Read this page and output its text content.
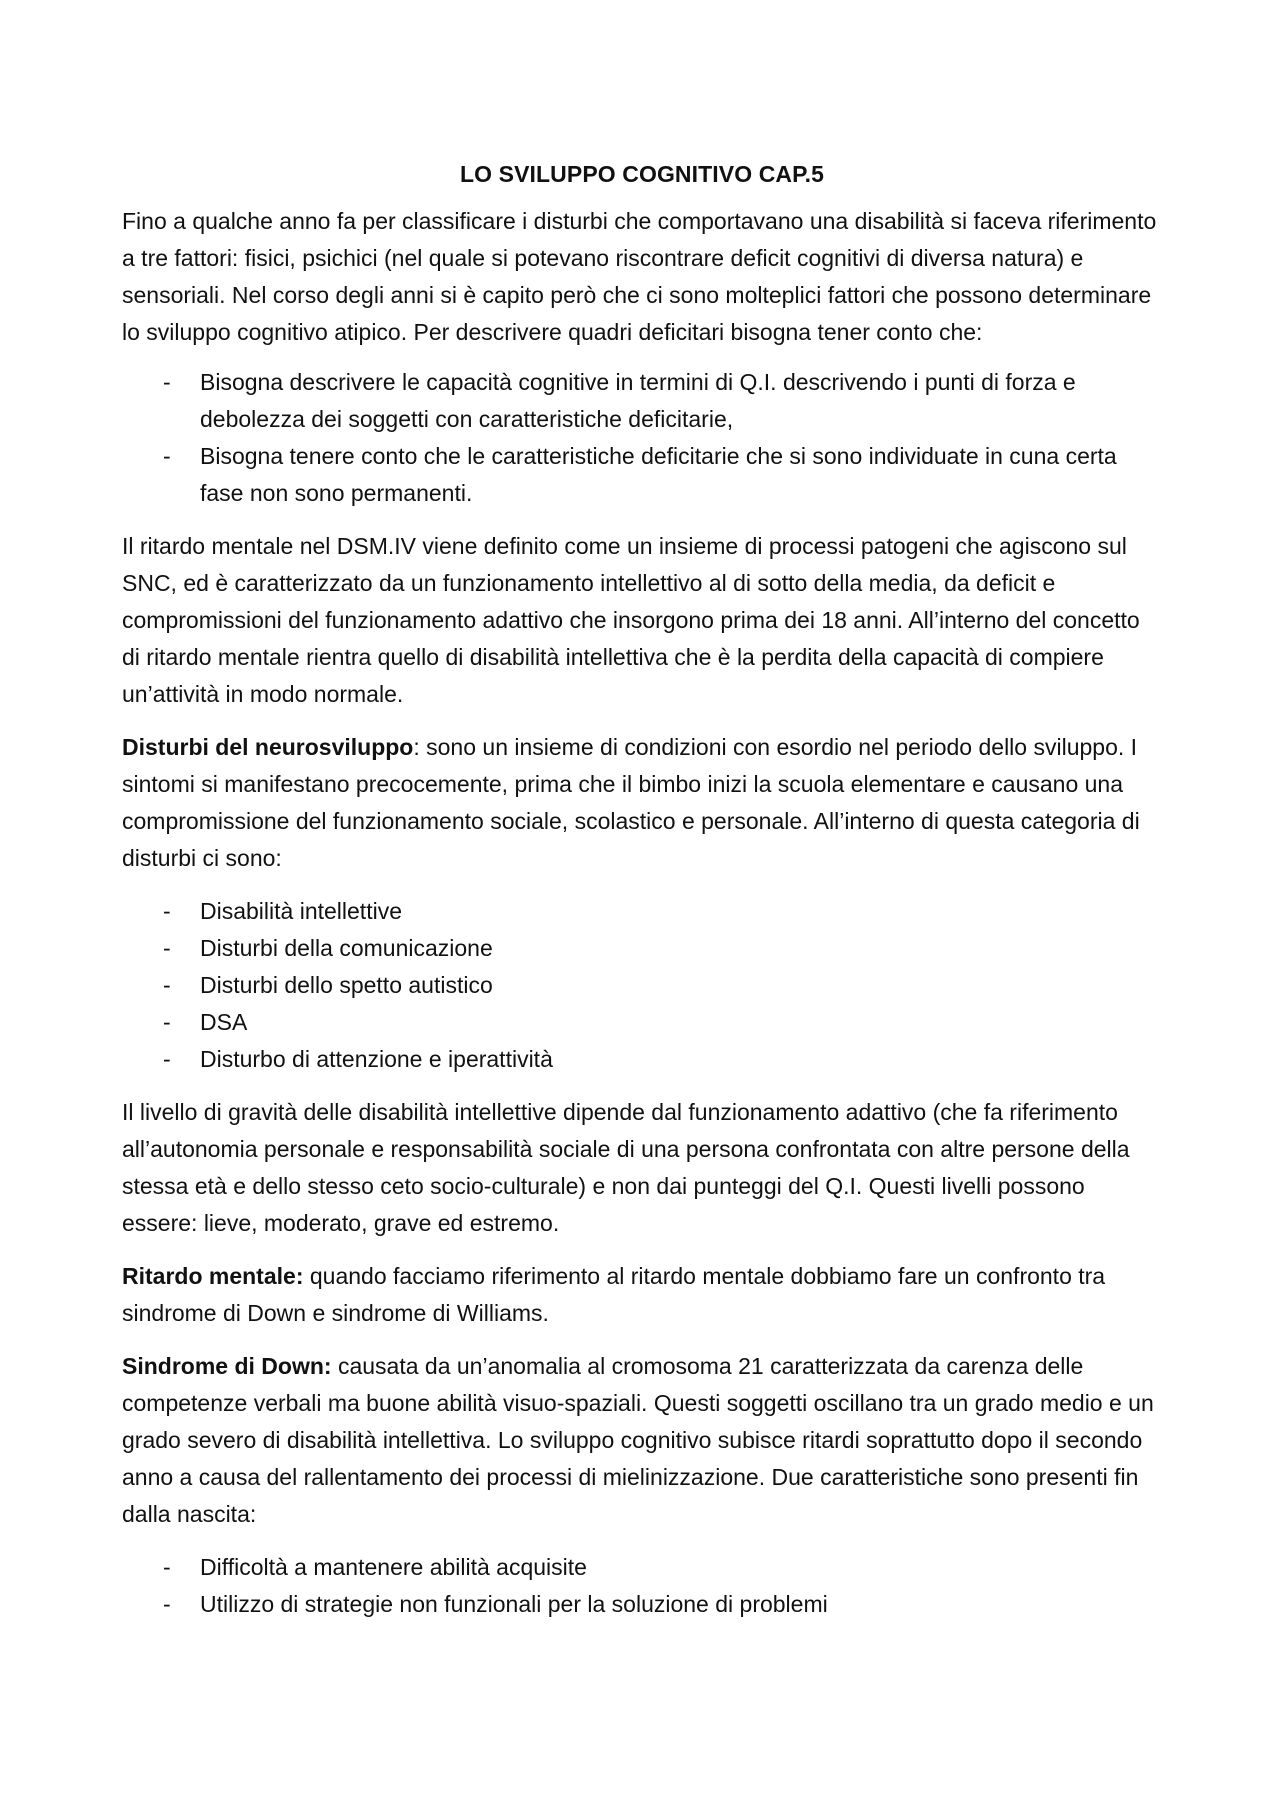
LO SVILUPPO COGNITIVO CAP.5

Fino a qualche anno fa per classificare i disturbi che comportavano una disabilità si faceva riferimento a tre fattori: fisici, psichici (nel quale si potevano riscontrare deficit cognitivi di diversa natura) e sensoriali. Nel corso degli anni si è capito però che ci sono molteplici fattori che possono determinare lo sviluppo cognitivo atipico. Per descrivere quadri deficitari bisogna tener conto che:

- Bisogna descrivere le capacità cognitive in termini di Q.I. descrivendo i punti di forza e debolezza dei soggetti con caratteristiche deficitarie,
- Bisogna tenere conto che le caratteristiche deficitarie che si sono individuate in cuna certa fase non sono permanenti.

Il ritardo mentale nel DSM.IV viene definito come un insieme di processi patogeni che agiscono sul SNC, ed è caratterizzato da un funzionamento intellettivo al di sotto della media, da deficit e compromissioni del funzionamento adattivo che insorgono prima dei 18 anni. All’interno del concetto di ritardo mentale rientra quello di disabilità intellettiva che è la perdita della capacità di compiere un’attività in modo normale.

Disturbi del neurosviluppo: sono un insieme di condizioni con esordio nel periodo dello sviluppo. I sintomi si manifestano precocemente, prima che il bimbo inizi la scuola elementare e causano una compromissione del funzionamento sociale, scolastico e personale. All’interno di questa categoria di disturbi ci sono:

- Disabilità intellettive
- Disturbi della comunicazione
- Disturbi dello spetto autistico
- DSA
- Disturbo di attenzione e iperattività

Il livello di gravità delle disabilità intellettive dipende dal funzionamento adattivo (che fa riferimento all’autonomia personale e responsabilità sociale di una persona confrontata con altre persone della stessa età e dello stesso ceto socio-culturale) e non dai punteggi del Q.I. Questi livelli possono essere: lieve, moderato, grave ed estremo.

Ritardo mentale: quando facciamo riferimento al ritardo mentale dobbiamo fare un confronto tra sindrome di Down e sindrome di Williams.

Sindrome di Down: causata da un’anomalia al cromosoma 21 caratterizzata da carenza delle competenze verbali ma buone abilità visuo-spaziali. Questi soggetti oscillano tra un grado medio e un grado severo di disabilità intellettiva. Lo sviluppo cognitivo subisce ritardi soprattutto dopo il secondo anno a causa del rallentamento dei processi di mielinizzazione. Due caratteristiche sono presenti fin dalla nascita:

- Difficoltà a mantenere abilità acquisite
- Utilizzo di strategie non funzionali per la soluzione di problemi
